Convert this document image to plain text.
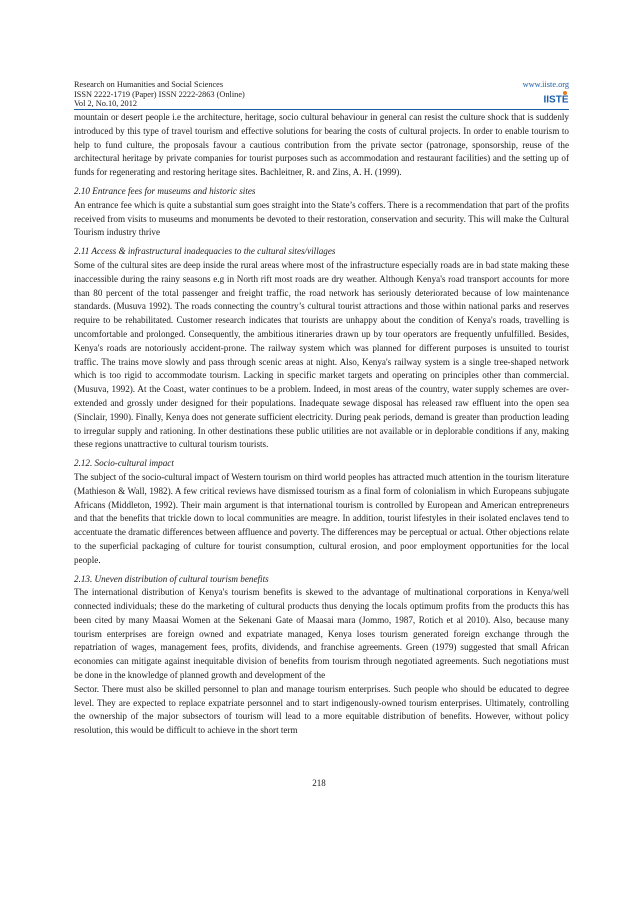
Research on Humanities and Social Sciences
ISSN 2222-1719 (Paper) ISSN 2222-2863 (Online)
Vol 2, No.10, 2012
www.iiste.org
IISTE

mountain or desert people i.e the architecture, heritage, socio cultural behaviour in general can resist the culture shock that is suddenly introduced by this type of travel tourism and effective solutions for bearing the costs of cultural projects. In order to enable tourism to help to fund culture, the proposals favour a cautious contribution from the private sector (patronage, sponsorship, reuse of the architectural heritage by private companies for tourist purposes such as accommodation and restaurant facilities) and the setting up of funds for regenerating and restoring heritage sites. Bachleitner, R. and Zins, A. H. (1999).

2.10 Entrance fees for museums and historic sites

An entrance fee which is quite a substantial sum goes straight into the State’s coffers. There is a recommendation that part of the profits received from visits to museums and monuments be devoted to their restoration, conservation and security. This will make the Cultural Tourism industry thrive

2.11 Access & infrastructural inadequacies to the cultural sites/villages

Some of the cultural sites are deep inside the rural areas where most of the infrastructure especially roads are in bad state making these inaccessible during the rainy seasons e.g in North rift most roads are dry weather. Although Kenya's road transport accounts for more than 80 percent of the total passenger and freight traffic, the road network has seriously deteriorated because of low maintenance standards. (Musuva 1992). The roads connecting the country’s cultural tourist attractions and those within national parks and reserves require to be rehabilitated. Customer research indicates that tourists are unhappy about the condition of Kenya's roads, travelling is uncomfortable and prolonged. Consequently, the ambitious itineraries drawn up by tour operators are frequently unfulfilled. Besides, Kenya's roads are notoriously accident-prone. The railway system which was planned for different purposes is unsuited to tourist traffic. The trains move slowly and pass through scenic areas at night. Also, Kenya's railway system is a single tree-shaped network which is too rigid to accommodate tourism. Lacking in specific market targets and operating on principles other than commercial. (Musuva, 1992). At the Coast, water continues to be a problem. Indeed, in most areas of the country, water supply schemes are over-extended and grossly under designed for their populations. Inadequate sewage disposal has released raw effluent into the open sea (Sinclair, 1990). Finally, Kenya does not generate sufficient electricity. During peak periods, demand is greater than production leading to irregular supply and rationing. In other destinations these public utilities are not available or in deplorable conditions if any, making these regions unattractive to cultural tourism tourists.

2.12. Socio-cultural impact

The subject of the socio-cultural impact of Western tourism on third world peoples has attracted much attention in the tourism literature (Mathieson & Wall, 1982). A few critical reviews have dismissed tourism as a final form of colonialism in which Europeans subjugate Africans (Middleton, 1992). Their main argument is that international tourism is controlled by European and American entrepreneurs and that the benefits that trickle down to local communities are meagre. In addition, tourist lifestyles in their isolated enclaves tend to accentuate the dramatic differences between affluence and poverty. The differences may be perceptual or actual. Other objections relate to the superficial packaging of culture for tourist consumption, cultural erosion, and poor employment opportunities for the local people.

2.13. Uneven distribution of cultural tourism benefits

The international distribution of Kenya's tourism benefits is skewed to the advantage of multinational corporations in Kenya/well connected individuals; these do the marketing of cultural products thus denying the locals optimum profits from the products this has been cited by many Maasai Women at the Sekenani Gate of Maasai mara (Jommo, 1987, Rotich et al 2010). Also, because many tourism enterprises are foreign owned and expatriate managed, Kenya loses tourism generated foreign exchange through the repatriation of wages, management fees, profits, dividends, and franchise agreements. Green (1979) suggested that small African economies can mitigate against inequitable division of benefits from tourism through negotiated agreements. Such negotiations must be done in the knowledge of planned growth and development of the

Sector. There must also be skilled personnel to plan and manage tourism enterprises. Such people who should be educated to degree level. They are expected to replace expatriate personnel and to start indigenously-owned tourism enterprises. Ultimately, controlling the ownership of the major subsectors of tourism will lead to a more equitable distribution of benefits. However, without policy resolution, this would be difficult to achieve in the short term

218
